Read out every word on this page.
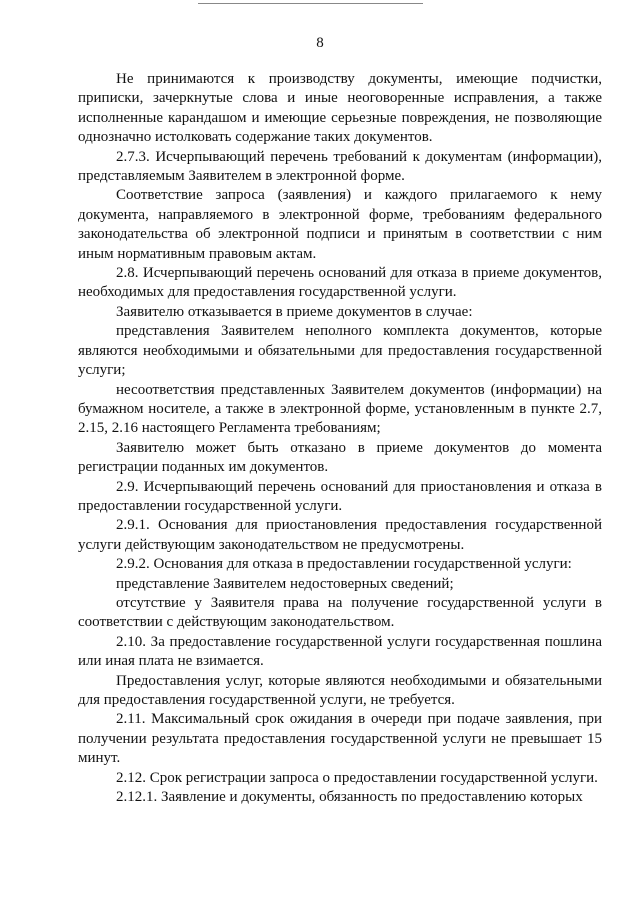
8

Не принимаются к производству документы, имеющие подчистки, приписки, зачеркнутые слова и иные неоговоренные исправления, а также исполненные карандашом и имеющие серьезные повреждения, не позволяющие однозначно истолковать содержание таких документов.

2.7.3. Исчерпывающий перечень требований к документам (информации), представляемым Заявителем в электронной форме.

Соответствие запроса (заявления) и каждого прилагаемого к нему документа, направляемого в электронной форме, требованиям федерального законодательства об электронной подписи и принятым в соответствии с ним иным нормативным правовым актам.

2.8. Исчерпывающий перечень оснований для отказа в приеме документов, необходимых для предоставления государственной услуги.

Заявителю отказывается в приеме документов в случае:

представления Заявителем неполного комплекта документов, которые являются необходимыми и обязательными для предоставления государственной услуги;

несоответствия представленных Заявителем документов (информации) на бумажном носителе, а также в электронной форме, установленным в пункте 2.7, 2.15, 2.16 настоящего Регламента требованиям;

Заявителю может быть отказано в приеме документов до момента регистрации поданных им документов.

2.9. Исчерпывающий перечень оснований для приостановления и отказа в предоставлении государственной услуги.

2.9.1. Основания для приостановления предоставления государственной услуги действующим законодательством не предусмотрены.

2.9.2. Основания для отказа в предоставлении государственной услуги:

представление Заявителем недостоверных сведений;

отсутствие у Заявителя права на получение государственной услуги в соответствии с действующим законодательством.

2.10. За предоставление государственной услуги государственная пошлина или иная плата не взимается.

Предоставления услуг, которые являются необходимыми и обязательными для предоставления государственной услуги, не требуется.

2.11. Максимальный срок ожидания в очереди при подаче заявления, при получении результата предоставления государственной услуги не превышает 15 минут.

2.12. Срок регистрации запроса о предоставлении государственной услуги.

2.12.1. Заявление и документы, обязанность по предоставлению которых
